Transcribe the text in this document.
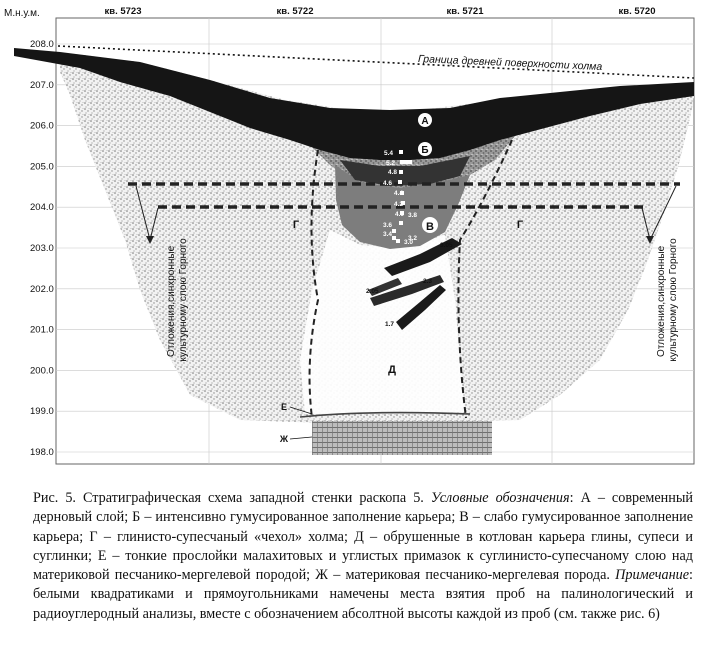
Граница древней поверхности холма
Отложения,синхронные культурному слою Горного	Отложения,синхронные культурному слою Горного
5.4
5.2
4.8
4.6
4.4
4.2
4.0 3.8
3.6
3.4
3.2
3.0	3.05
2.3
2.05
1.7
А
Б
В
Г	Г
Д
Е
Ж
М.н.у.м.
208.0
207.0
206.0
205.0
204.0
203.0
202.0
201.0
200.0
199.0
198.0
кв. 5723	кв. 5722	кв. 5721	кв. 5720
Рис. 5. Стратиграфическая схема западной стенки раскопа 5. Условные обозначения: А – современный дерновый слой; Б – интенсивно гумусированное заполнение карьера; В – слабо гумусированное заполнение карьера; Г – глинисто-супесчаный «чехол» холма; Д – обрушенные в котлован карьера глины, супеси и суглинки; Е – тонкие прослойки малахитовых и углистых примазок к суглинисто-супесчаному слою над материковой песчанико-мергелевой породой; Ж – материковая песчанико-мергелевая порода. Примечание: белыми квадратиками и прямоугольниками намечены места взятия проб на палинологический и радиоуглеродный анализы, вместе с обозначением абсолтной высоты каждой из проб (см. также рис. 6)
